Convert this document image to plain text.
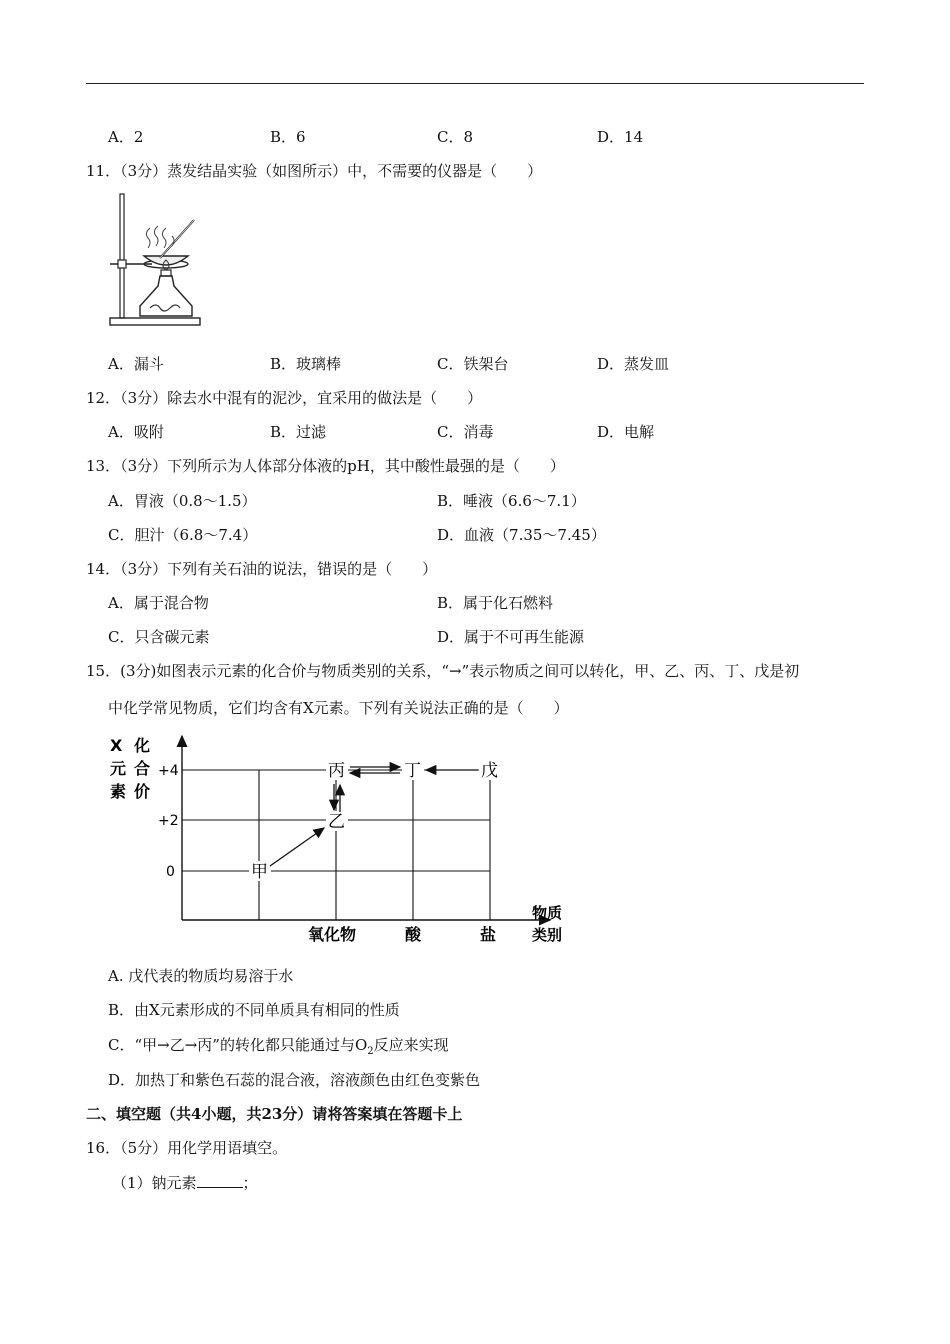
A．2	B．6	C．8	D．14
11．（3分）蒸发结晶实验（如图所示）中，不需要的仪器是（　　）
A．漏斗	B．玻璃棒	C．铁架台	D．蒸发皿
12．（3分）除去水中混有的泥沙，宜采用的做法是（　　）
A．吸附	B．过滤	C．消毒	D．电解
13．（3分）下列所示为人体部分体液的pH，其中酸性最强的是（　　）
A．胃液（0.8～1.5）	B．唾液（6.6～7.1）
C．胆汁（6.8～7.4）	D．血液（7.35～7.45）
14．（3分）下列有关石油的说法，错误的是（　　）
A．属于混合物	B．属于化石燃料
C．只含碳元素	D．属于不可再生能源
15．(3分)如图表示元素的化合价与物质类别的关系，“→”表示物质之间可以转化，甲、乙、丙、丁、戊是初
中化学常见物质，它们均含有X元素。下列有关说法正确的是（　　）
X 化
元 合
素 价
+4
+2
0
氧化物	酸	盐
物质
类别
丙	丁	戊
乙
甲
A. 戊代表的物质均易溶于水
B．由X元素形成的不同单质具有相同的性质
C．“甲→乙→丙”的转化都只能通过与$O_2$反应来实现
D．加热丁和紫色石蕊的混合液，溶液颜色由红色变紫色
二、填空题（共4小题，共23分）请将答案填在答题卡上
16．（5分）用化学用语填空。
（1）钠元素	；
